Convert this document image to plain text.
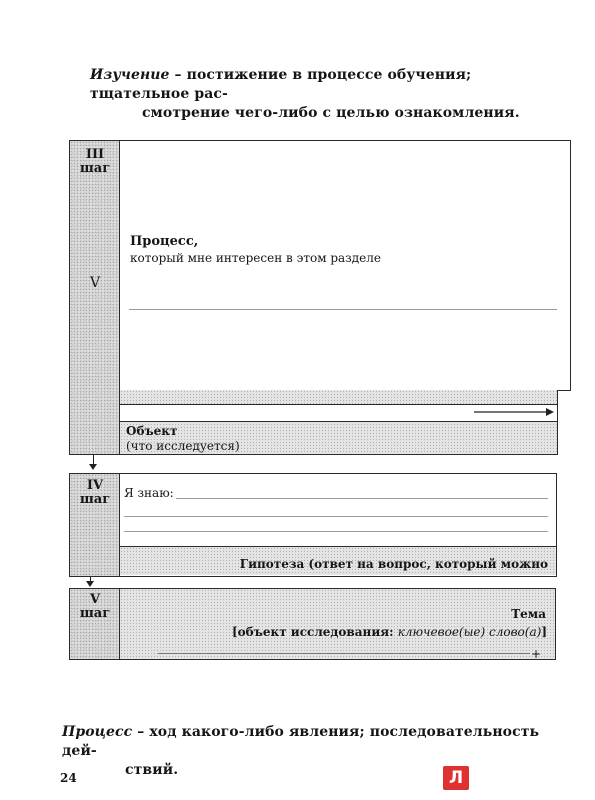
Изучение – постижение в процессе обучения; тщательное рас-
смотрение чего-либо с целью ознакомления.
III
шаг
V
Процесс,
который мне интересен в этом разделе
Объект
(что исследуется)
IV
шаг	Я знаю:
Гипотеза (ответ на вопрос, который можно
V
шаг	Тема
[объект исследования: ключевое(ые) слово(а)]
+
Процесс – ход какого-либо явления; последовательность дей-
ствий.
24	Л
